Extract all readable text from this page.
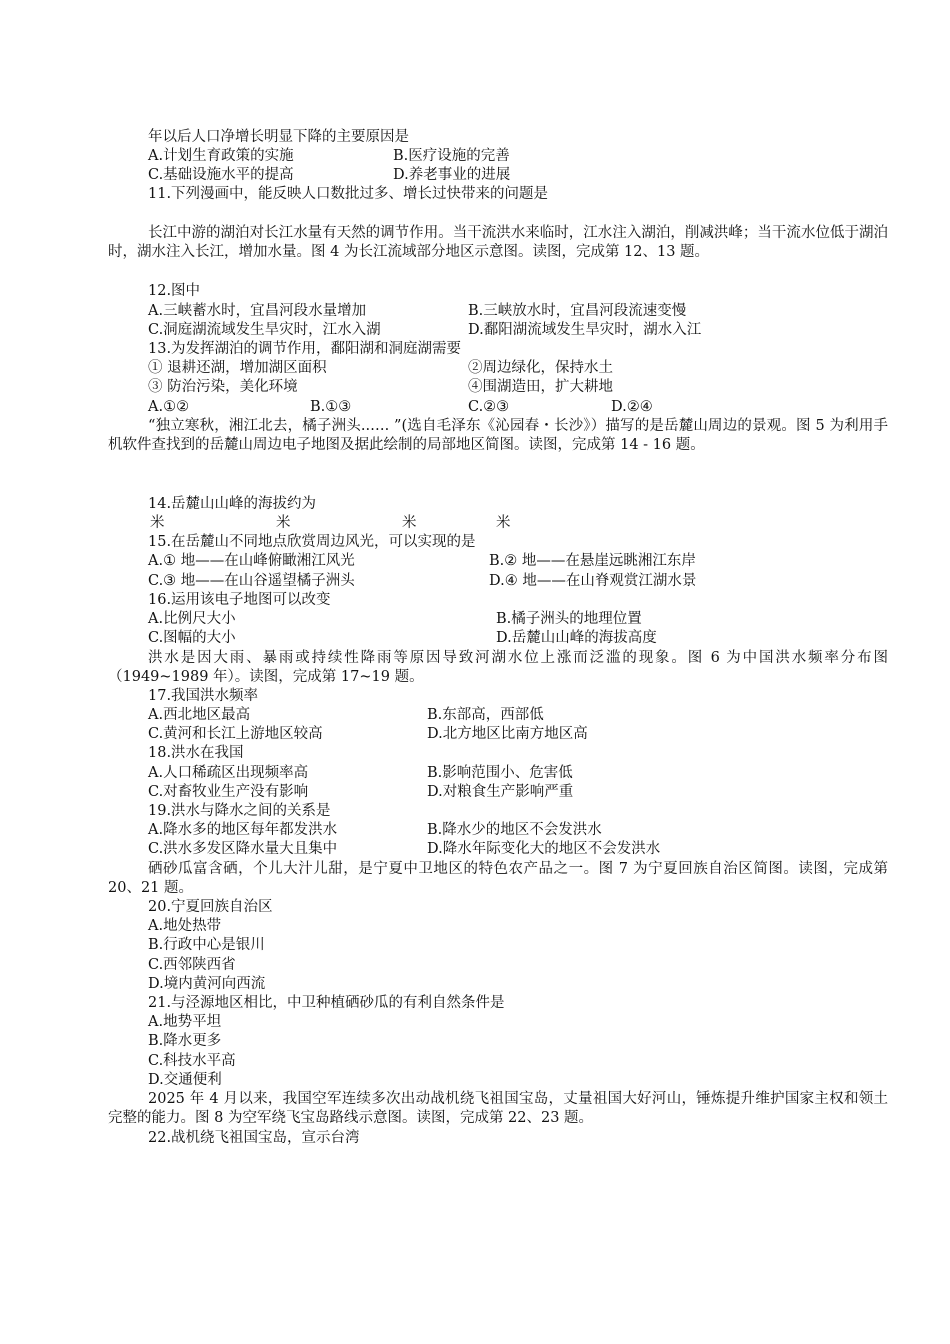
年以后人口净增长明显下降的主要原因是
A.计划生育政策的实施	B.医疗设施的完善
C.基础设施水平的提高	D.养老事业的进展
11.下列漫画中，能反映人口数批过多、增长过快带来的问题是
长江中游的湖泊对长江水量有天然的调节作用。当干流洪水来临时，江水注入湖泊，削减洪峰；当干流水位低于湖泊时，湖水注入长江，增加水量。图 4 为长江流域部分地区示意图。读图，完成第 12、13 题。
12.图中
A.三峡蓄水时，宜昌河段水量增加	B.三峡放水时，宜昌河段流速变慢
C.洞庭湖流域发生旱灾时，江水入湖	D.鄱阳湖流域发生旱灾时，湖水入江
13.为发挥湖泊的调节作用，鄱阳湖和洞庭湖需要
① 退耕还湖，增加湖区面积	②周边绿化，保持水土
③ 防治污染，美化环境	④围湖造田，扩大耕地
A.①②	B.①③	C.②③	D.②④
“独立寒秋，湘江北去，橘子洲头..…. ”(选自毛泽东《沁园春・长沙》）描写的是岳麓山周边的景观。图 5 为利用手机软件查找到的岳麓山周边电子地图及据此绘制的局部地区简图。读图，完成第 14 - 16 题。
14.岳麓山山峰的海拔约为
米	米	米	米
15.在岳麓山不同地点欣赏周边风光，可以实现的是
A.① 地——在山峰俯瞰湘江风光	B.② 地——在悬崖远眺湘江东岸
C.③ 地——在山谷遥望橘子洲头	D.④ 地——在山脊观赏江湖水景
16.运用该电子地图可以改变
A.比例尺大小	B.橘子洲头的地理位置
C.图幅的大小	D.岳麓山山峰的海拔高度
洪水是因大雨、暴雨或持续性降雨等原因导致河湖水位上涨而泛滥的现象。图 6 为中国洪水频率分布图（1949~1989 年）。读图，完成第 17~19 题。
17.我国洪水频率
A.西北地区最高	B.东部高，西部低
C.黄河和长江上游地区较高	D.北方地区比南方地区高
18.洪水在我国
A.人口稀疏区出现频率高	B.影响范围小、危害低
C.对畜牧业生产没有影响	D.对粮食生产影响严重
19.洪水与降水之间的关系是
A.降水多的地区每年都发洪水	B.降水少的地区不会发洪水
C.洪水多发区降水量大且集中	D.降水年际变化大的地区不会发洪水
硒砂瓜富含硒，个儿大汁儿甜，是宁夏中卫地区的特色农产品之一。图 7 为宁夏回族自治区简图。读图，完成第 20、21 题。
20.宁夏回族自治区
A.地处热带
B.行政中心是银川
C.西邻陕西省
D.境内黄河向西流
21.与泾源地区相比，中卫种植硒砂瓜的有利自然条件是
A.地势平坦
B.降水更多
C.科技水平高
D.交通便利
2025 年 4 月以来，我国空军连续多次出动战机绕飞祖国宝岛，丈量祖国大好河山，锤炼提升维护国家主权和领土完整的能力。图 8 为空军绕飞宝岛路线示意图。读图，完成第 22、23 题。
22.战机绕飞祖国宝岛，宣示台湾
